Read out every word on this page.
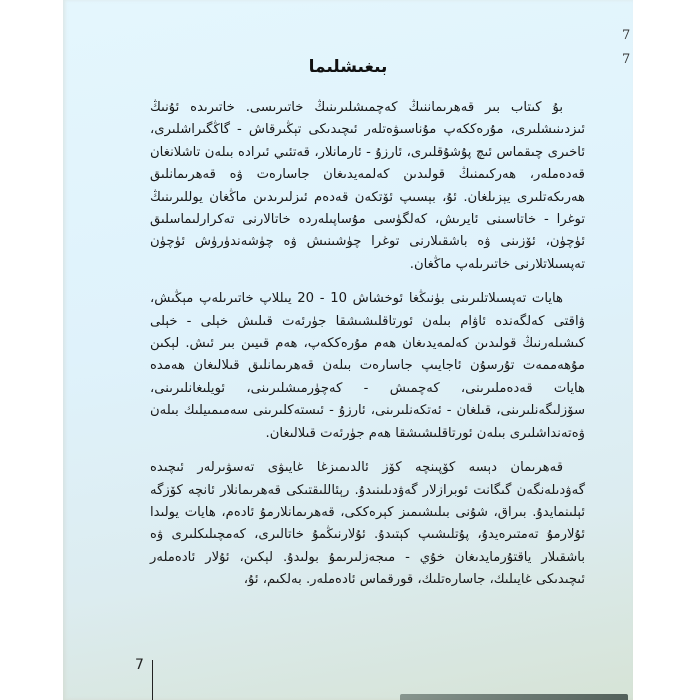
7
7
بىغىشلىما

بۇ كىتاب بىر قەھرىماننىڭ كەچمىشلىرىنىڭ خاتىرىسى. خاتىرىدە ئۇنىڭ ئىزدىنىشلىرى، مۇرەككەپ مۇناسىۋەتلەر ئىچىدىكى تېڭىرقاش - گاڭگىراشلىرى، ئاخىرى چىقماس ئىچ پۇشۇقلىرى، ئارزۇ - ئارمانلار، قەتئىي ئىرادە بىلەن تاشلانغان قەدەملەر، ھەركىمنىڭ قولىدىن كەلمەيدىغان جاسارەت ۋە قەھرىمانلىق ھەرىكەتلىرى يېزىلغان. ئۇ، بېسىپ ئۆتكەن قەدەم ئىزلىرىدىن ماڭغان يوللىرىنىڭ توغرا - خاتاسىنى ئايرىش، كەلگۈسى مۇساپىلەردە خاتالارنى تەكرارلىماسلىق ئۈچۈن، ئۆزىنى ۋە باشقىلارنى توغرا چۈشىنىش ۋە چۈشەندۈرۈش ئۈچۈن تەپسىلاتلارنى خاتىرىلەپ ماڭغان.

ھايات تەپسىلاتلىرىنى بۈنىڭغا ئوخشاش 10 - 20 يىللاپ خاتىرىلەپ مېڭىش، ۋاقتى كەلگەندە ئاۋام بىلەن ئورتاقلىشىشقا جۈرئەت قىلىش خېلى - خېلى كىشىلەرنىڭ قولىدىن كەلمەيدىغان ھەم مۇرەككەپ، ھەم قىيىن بىر ئىش. لېكىن مۇھەممەت تۇرسۇن ئاجايىپ جاسارەت بىلەن قەھرىمانلىق قىلالىغان ھەمدە ھايات قەدەملىرىنى، كەچمىش - كەچۈرمىشلىرىنى، ئويلىغانلىرىنى، سۆزلىگەنلىرىنى، قىلغان - ئەتكەنلىرىنى، ئارزۇ - ئىستەكلىرىنى سەمىمىيلىك بىلەن ۋەتەنداشلىرى بىلەن ئورتاقلىشىشقا ھەم جۈرئەت قىلالىغان.

قەھرىمان دېسە كۆپىنچە كۆز ئالدىمىزغا غايىۋى تەسۋىرلەر ئىچىدە گەۋدىلەنگەن گىگانت ئوبرازلار گەۋدىلىنىدۇ. رېئاللىقتىكى قەھرىمانلار ئانچە كۆزگە ئېلىنمايدۇ. بىراق، شۇنى بىلىشىمىز كېرەككى، قەھرىمانلارمۇ ئادەم، ھايات يولىدا ئۇلارمۇ تەمتىرەيدۇ، پۇتلىشىپ كېتىدۇ. ئۇلارنىڭمۇ خاتالىرى، كەمچىلىكلىرى ۋە باشقىلار ياقتۇرمايدىغان خۇي - مىجەزلىرىمۇ بولىدۇ. لېكىن، ئۇلار ئادەملەر ئىچىدىكى غايىلىك، جاسارەتلىك، قورقماس ئادەملەر. بەلكىم، ئۇ،

7
